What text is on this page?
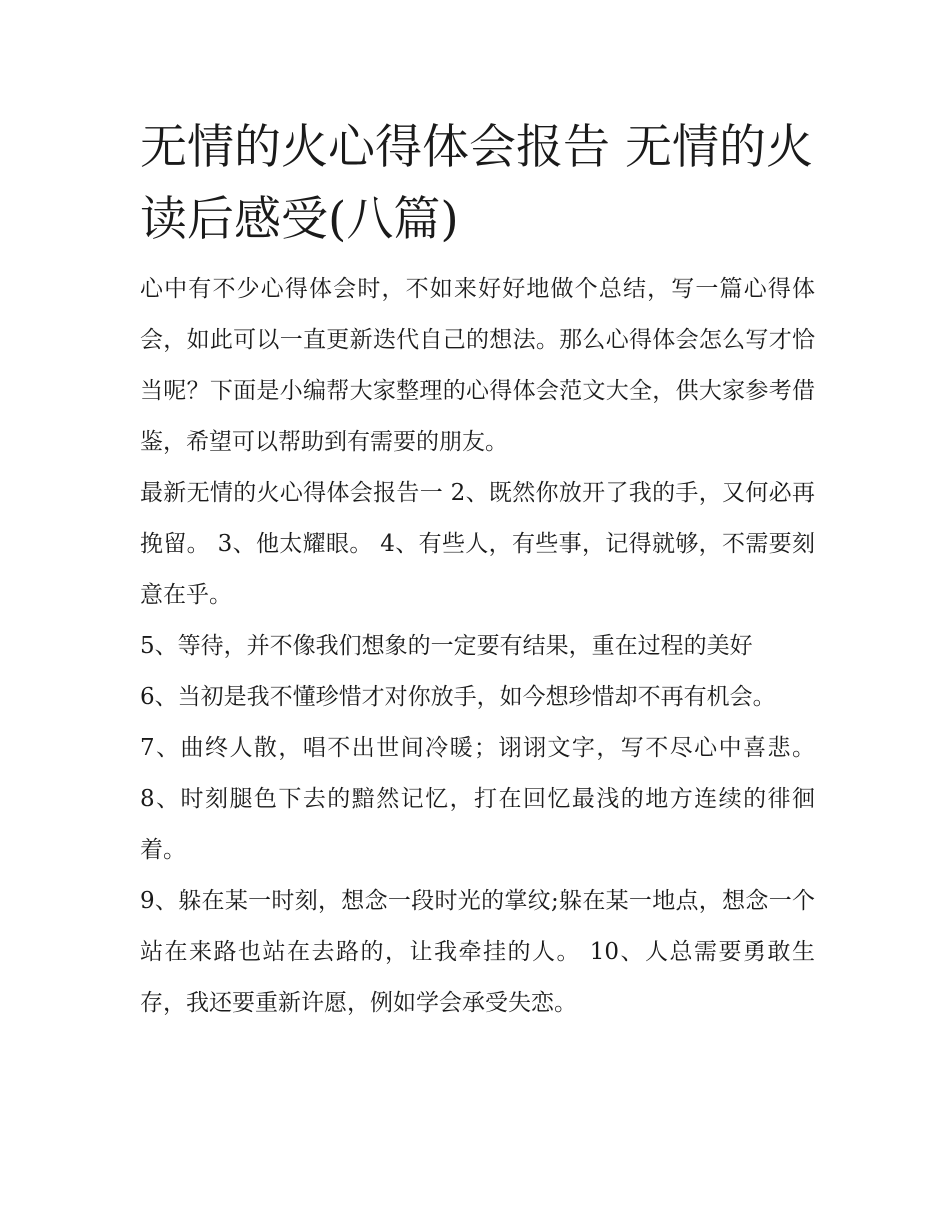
无情的火心得体会报告 无情的火读后感受(八篇)

心中有不少心得体会时，不如来好好地做个总结，写一篇心得体会，如此可以一直更新迭代自己的想法。那么心得体会怎么写才恰当呢？下面是小编帮大家整理的心得体会范文大全，供大家参考借鉴，希望可以帮助到有需要的朋友。

最新无情的火心得体会报告一 2、既然你放开了我的手，又何必再挽留。 3、他太耀眼。 4、有些人，有些事，记得就够，不需要刻意在乎。

5、等待，并不像我们想象的一定要有结果，重在过程的美好

6、当初是我不懂珍惜才对你放手，如今想珍惜却不再有机会。

7、曲终人散，唱不出世间冷暖；诩诩文字，写不尽心中喜悲。 8、时刻腿色下去的黯然记忆，打在回忆最浅的地方连续的徘徊着。

9、躲在某一时刻，想念一段时光的掌纹;躲在某一地点，想念一个站在来路也站在去路的，让我牵挂的人。 10、人总需要勇敢生存，我还要重新许愿，例如学会承受失恋。
